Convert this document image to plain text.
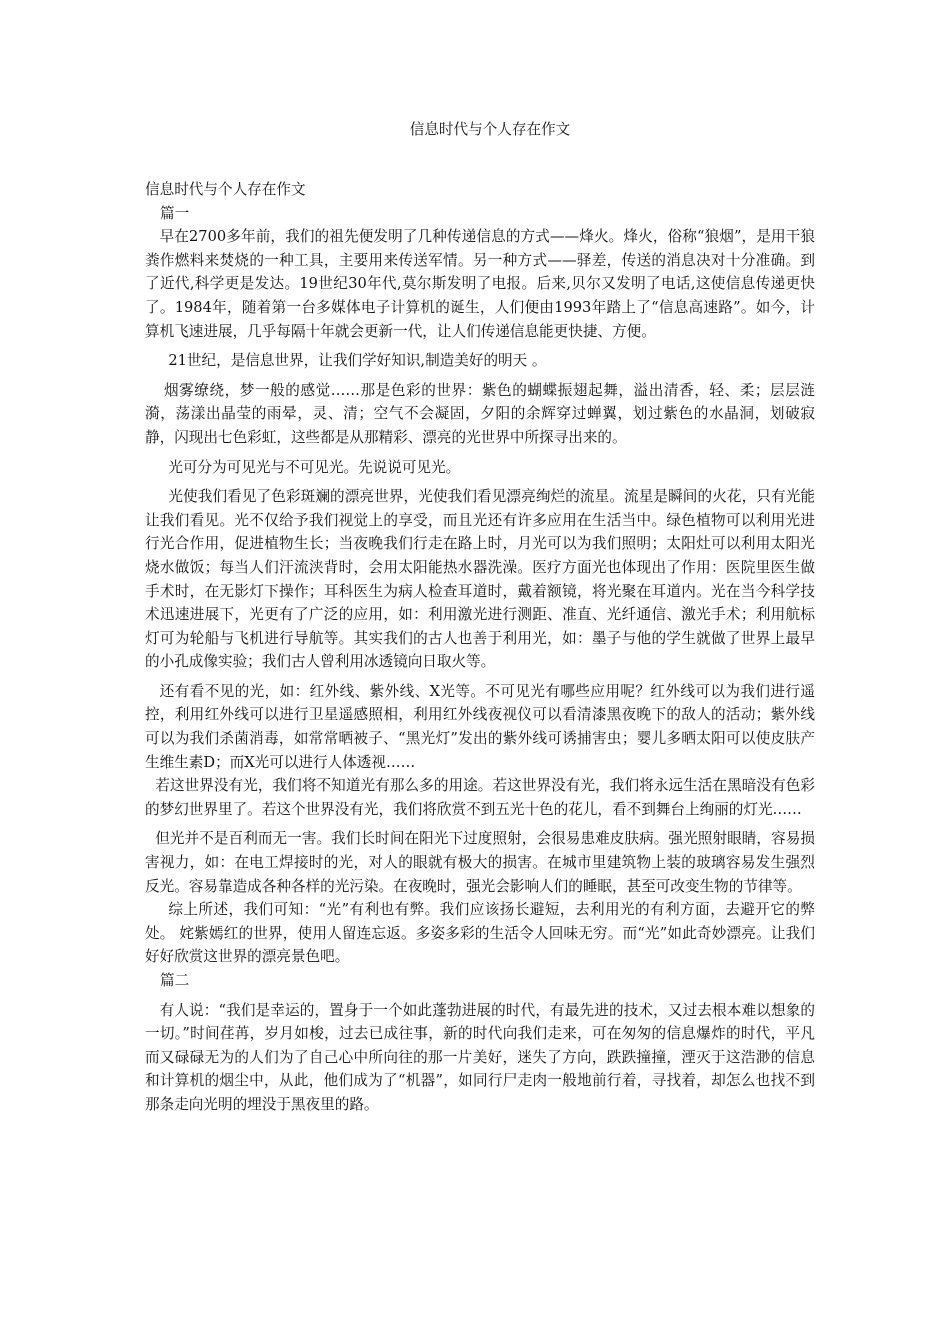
信息时代与个人存在作文

信息时代与个人存在作文

篇一

早在2700多年前，我们的祖先便发明了几种传递信息的方式——烽火。烽火，俗称“狼烟”，是用干狼粪作燃料来焚烧的一种工具，主要用来传送军情。另一种方式——驿差，传送的消息决对十分准确。到了近代,科学更是发达。19世纪30年代,莫尔斯发明了电报。后来,贝尔又发明了电话,这使信息传递更快了。1984年，随着第一台多媒体电子计算机的诞生，人们便由1993年踏上了“信息高速路”。如今，计算机飞速进展，几乎每隔十年就会更新一代，让人们传递信息能更快捷、方便。

21世纪，是信息世界，让我们学好知识,制造美好的明天 。

烟雾缭绕，梦一般的感觉……那是色彩的世界：紫色的蝴蝶振翅起舞，溢出清香，轻、柔；层层涟漪，荡漾出晶莹的雨晕，灵、清；空气不会凝固，夕阳的余辉穿过蝉翼，划过紫色的水晶洞，划破寂静，闪现出七色彩虹，这些都是从那精彩、漂亮的光世界中所探寻出来的。

光可分为可见光与不可见光。先说说可见光。

光使我们看见了色彩斑斓的漂亮世界，光使我们看见漂亮绚烂的流星。流星是瞬间的火花，只有光能让我们看见。光不仅给予我们视觉上的享受，而且光还有许多应用在生活当中。绿色植物可以利用光进行光合作用，促进植物生长；当夜晚我们行走在路上时，月光可以为我们照明；太阳灶可以利用太阳光烧水做饭；每当人们汗流浃背时，会用太阳能热水器洗澡。医疗方面光也体现出了作用：医院里医生做手术时，在无影灯下操作；耳科医生为病人检查耳道时，戴着额镜，将光聚在耳道内。光在当今科学技术迅速进展下，光更有了广泛的应用，如：利用激光进行测距、准直、光纤通信、激光手术；利用航标灯可为轮船与飞机进行导航等。其实我们的古人也善于利用光，如：墨子与他的学生就做了世界上最早的小孔成像实验；我们古人曾利用冰透镜向日取火等。

还有看不见的光，如：红外线、紫外线、X光等。不可见光有哪些应用呢？红外线可以为我们进行遥控，利用红外线可以进行卫星遥感照相，利用红外线夜视仪可以看清漆黑夜晚下的敌人的活动；紫外线可以为我们杀菌消毒，如常常晒被子、“黑光灯”发出的紫外线可诱捕害虫；婴儿多晒太阳可以使皮肤产生维生素D；而X光可以进行人体透视……

若这世界没有光，我们将不知道光有那么多的用途。若这世界没有光，我们将永远生活在黑暗没有色彩的梦幻世界里了。若这个世界没有光，我们将欣赏不到五光十色的花儿，看不到舞台上绚丽的灯光……

但光并不是百利而无一害。我们长时间在阳光下过度照射，会很易患难皮肤病。强光照射眼睛，容易损害视力，如：在电工焊接时的光，对人的眼就有极大的损害。在城市里建筑物上装的玻璃容易发生强烈反光。容易靠造成各种各样的光污染。在夜晚时，强光会影响人们的睡眠，甚至可改变生物的节律等。

综上所述，我们可知：“光”有利也有弊。我们应该扬长避短，去利用光的有利方面，去避开它的弊处。 姹紫嫣红的世界，使用人留连忘返。多姿多彩的生活令人回味无穷。而“光”如此奇妙漂亮。让我们好好欣赏这世界的漂亮景色吧。

篇二

有人说：“我们是幸运的，置身于一个如此蓬勃进展的时代，有最先进的技术，又过去根本难以想象的一切。”时间荏苒，岁月如梭，过去已成往事，新的时代向我们走来，可在匆匆的信息爆炸的时代，平凡而又碌碌无为的人们为了自己心中所向往的那一片美好，迷失了方向，跌跌撞撞，湮灭于这浩渺的信息和计算机的烟尘中，从此，他们成为了“机器”，如同行尸走肉一般地前行着，寻找着，却怎么也找不到那条走向光明的埋没于黑夜里的路。
